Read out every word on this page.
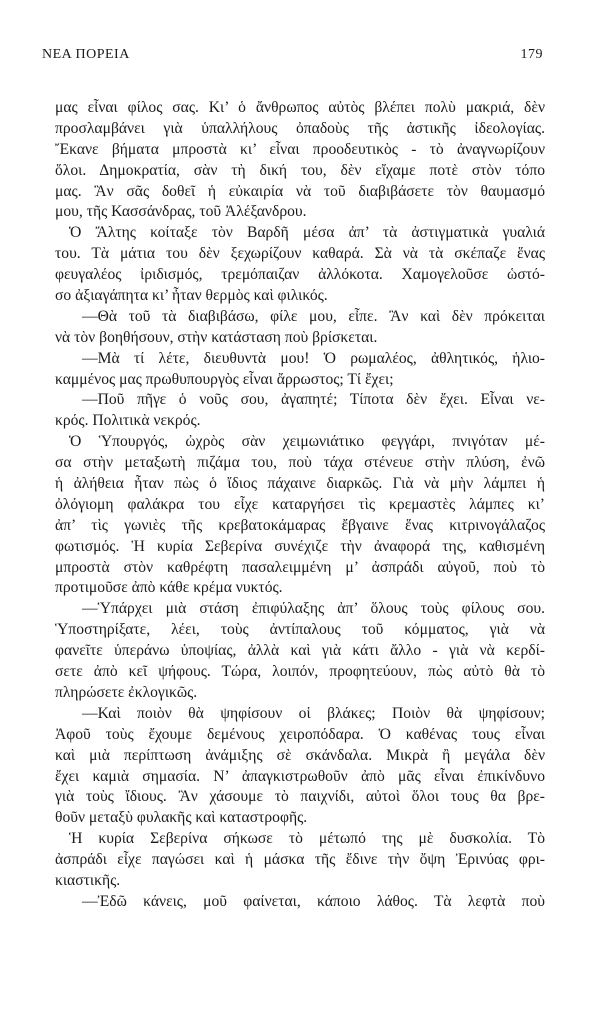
ΝΕΑ ΠΟΡΕΙΑ	179
μας εἶναι φίλος σας. Κι’ ὁ ἄνθρωπος αὐτὸς βλέπει πολὺ μακριά, δὲν
προσλαμβάνει γιὰ ὑπαλλήλους ὀπαδοὺς τῆς ἀστικῆς ἰδεολογίας.
Ἔκανε βήματα μπροστὰ κι’ εἶναι προοδευτικὸς - τὸ ἀναγνωρίζουν
ὅλοι. Δημοκρατία, σὰν τὴ δική του, δὲν εἴχαμε ποτὲ στὸν τόπο
μας. Ἂν σᾶς δοθεῖ ἡ εὐκαιρία νὰ τοῦ διαβιβάσετε τὸν θαυμασμό
μου, τῆς Κασσάνδρας, τοῦ Ἀλέξανδρου.
Ὁ Ἄλτης κοίταξε τὸν Βαρδῆ μέσα ἀπ’ τὰ ἀστιγματικὰ γυαλιά
του. Τὰ μάτια του δὲν ξεχωρίζουν καθαρά. Σὰ νὰ τὰ σκέπαζε ἕνας
φευγαλέος ἰριδισμός, τρεμόπαιζαν ἀλλόκοτα. Χαμογελοῦσε ὡστό-
σο ἀξιαγάπητα κι’ ἦταν θερμὸς καὶ φιλικός.
—Θὰ τοῦ τὰ διαβιβάσω, φίλε μου, εἶπε. Ἂν καὶ δὲν πρόκειται
νὰ τὸν βοηθήσουν, στὴν κατάσταση ποὺ βρίσκεται.
—Μὰ τί λέτε, διευθυντὰ μου! Ὁ ρωμαλέος, ἀθλητικός, ἡλιο-
καμμένος μας πρωθυπουργὸς εἶναι ἄρρωστος; Τί ἔχει;
—Ποῦ πῆγε ὁ νοῦς σου, ἀγαπητέ; Τίποτα δὲν ἔχει. Εἶναι νε-
κρός. Πολιτικὰ νεκρός.
Ὁ Ὑπουργός, ὠχρὸς σὰν χειμωνιάτικο φεγγάρι, πνιγόταν μέ-
σα στὴν μεταξωτὴ πιζάμα του, ποὺ τάχα στένευε στὴν πλύση, ἐνῶ
ἡ ἀλήθεια ἦταν πὼς ὁ ἴδιος πάχαινε διαρκῶς. Γιὰ νὰ μὴν λάμπει ἡ
ὀλόγιομη φαλάκρα του εἶχε καταργήσει τὶς κρεμαστὲς λάμπες κι’
ἀπ’ τὶς γωνιὲς τῆς κρεβατοκάμαρας ἔβγαινε ἕνας κιτρινογάλαζος
φωτισμός. Ἡ κυρία Σεβερίνα συνέχιζε τὴν ἀναφορά της, καθισμένη
μπροστὰ στὸν καθρέφτη πασαλειμμένη μ’ ἀσπράδι αὐγοῦ, ποὺ τὸ
προτιμοῦσε ἀπὸ κάθε κρέμα νυκτός.
—Ὑπάρχει μιὰ στάση ἐπιφύλαξης ἀπ’ ὅλους τοὺς φίλους σου.
Ὑποστηρίξατε, λέει, τοὺς ἀντίπαλους τοῦ κόμματος, γιὰ νὰ
φανεῖτε ὑπεράνω ὑποψίας, ἀλλὰ καὶ γιὰ κάτι ἄλλο - γιὰ νὰ κερδί-
σετε ἀπὸ κεῖ ψήφους. Τώρα, λοιπόν, προφητεύουν, πὼς αὐτὸ θὰ τὸ
πληρώσετε ἐκλογικῶς.
—Καὶ ποιὸν θὰ ψηφίσουν οἱ βλάκες; Ποιὸν θὰ ψηφίσουν;
Ἀφοῦ τοὺς ἔχουμε δεμένους χειροπόδαρα. Ὁ καθένας τους εἶναι
καὶ μιὰ περίπτωση ἀνάμιξης σὲ σκάνδαλα. Μικρὰ ἢ μεγάλα δὲν
ἔχει καμιὰ σημασία. Ν’ ἀπαγκιστρωθοῦν ἀπὸ μᾶς εἶναι ἐπικίνδυνο
γιὰ τοὺς ἴδιους. Ἂν χάσουμε τὸ παιχνίδι, αὐτοὶ ὅλοι τους θα βρε-
θοῦν μεταξὺ φυλακῆς καὶ καταστροφῆς.
Ἡ κυρία Σεβερίνα σήκωσε τὸ μέτωπό της μὲ δυσκολία. Τὸ
ἀσπράδι εἶχε παγώσει καὶ ἡ μάσκα τῆς ἔδινε τὴν ὄψη Ἐρινύας φρι-
κιαστικῆς.
—Ἐδῶ κάνεις, μοῦ φαίνεται, κάποιο λάθος. Τὰ λεφτὰ ποὺ
